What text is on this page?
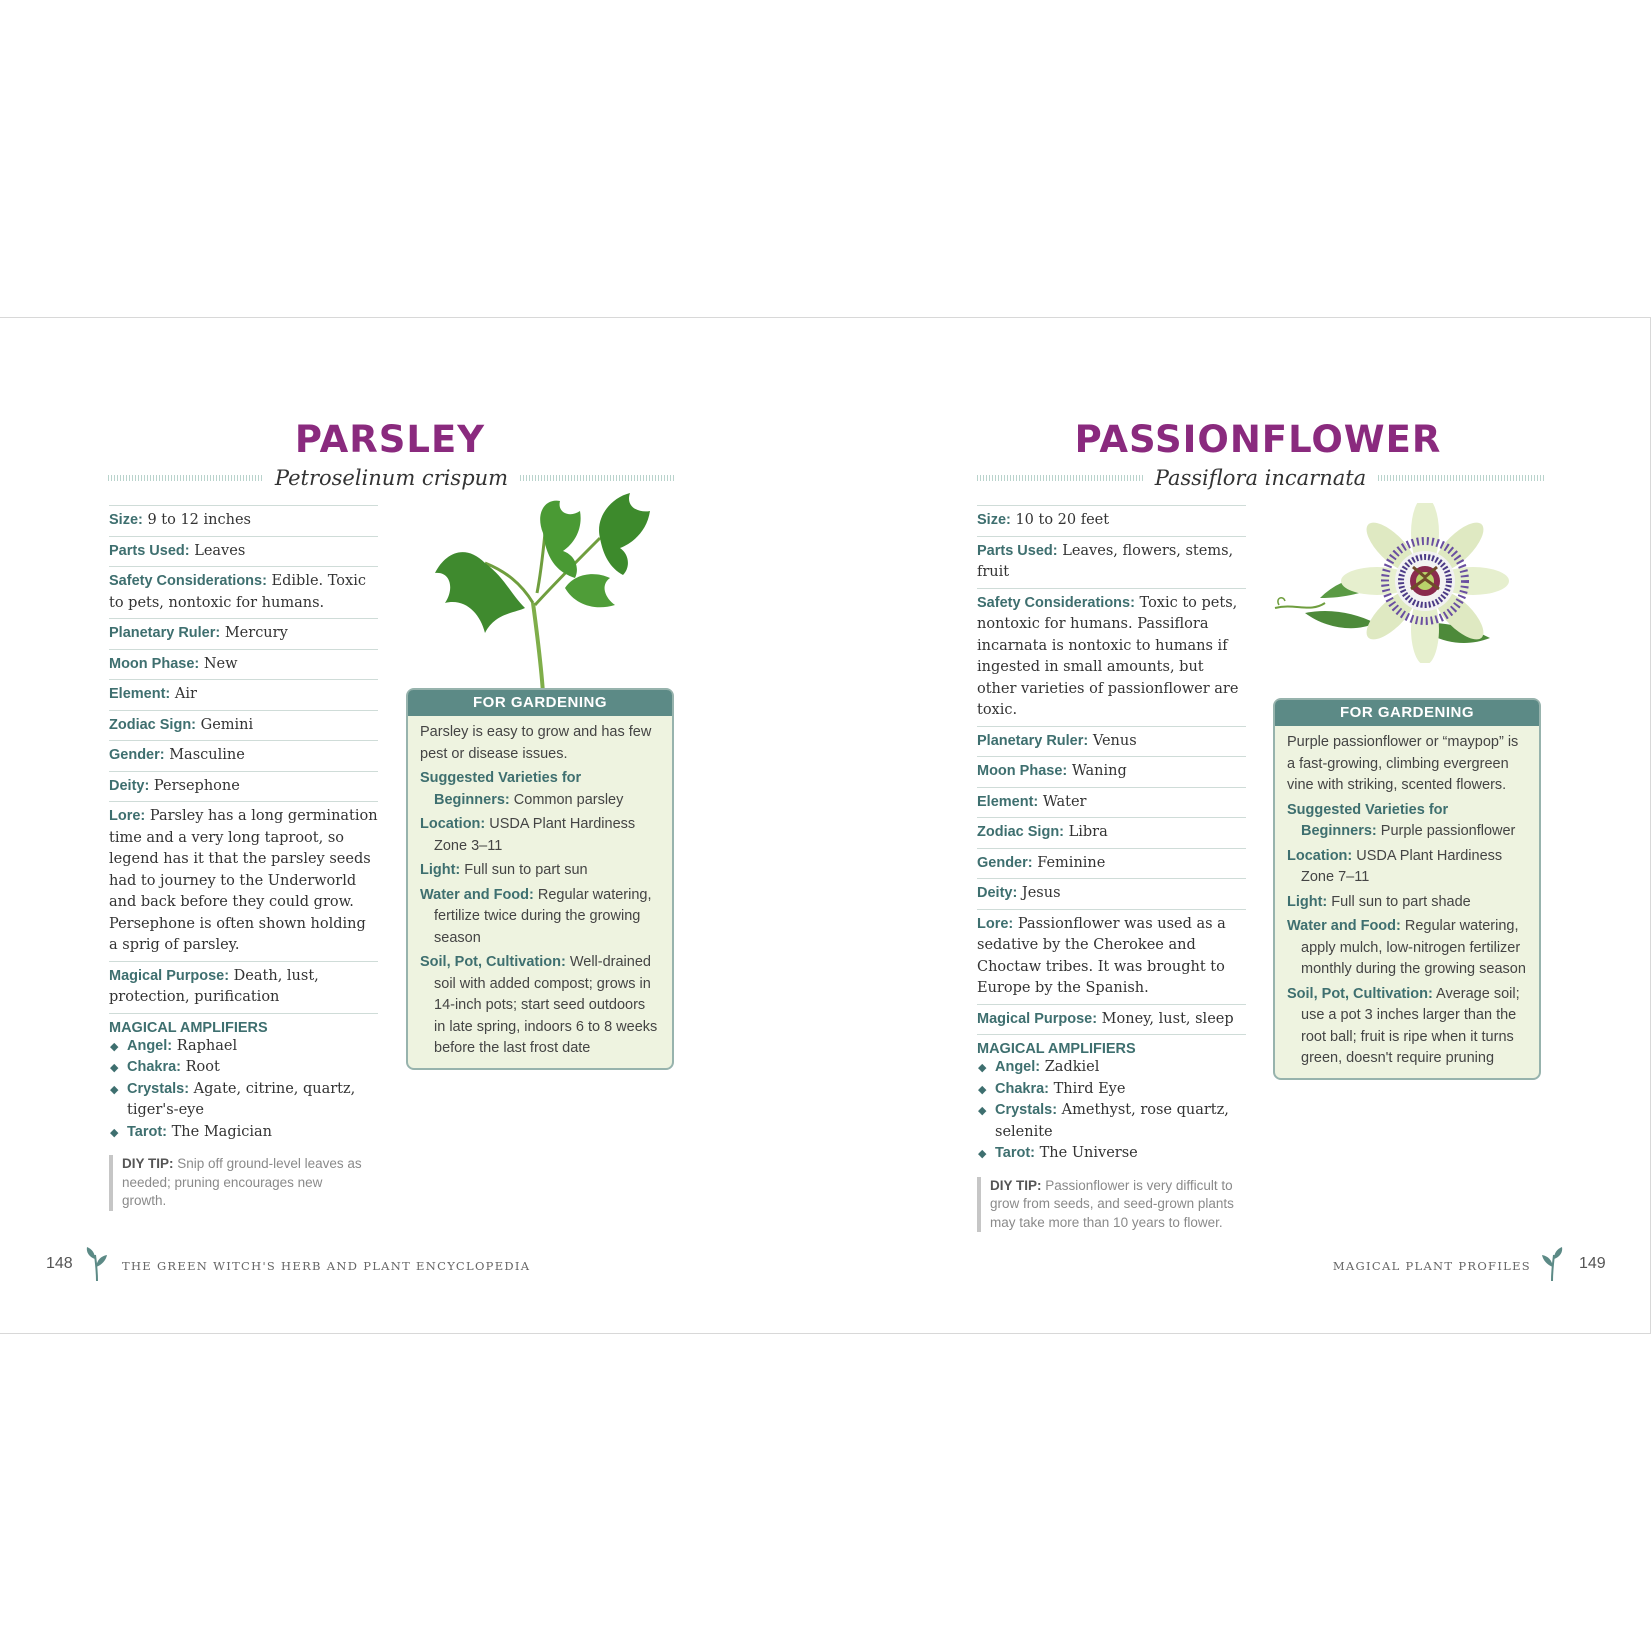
PARSLEY
Petroselinum crispum
Size: 9 to 12 inches
Parts Used: Leaves
Safety Considerations: Edible. Toxic to pets, nontoxic for humans.
Planetary Ruler: Mercury
Moon Phase: New
Element: Air
Zodiac Sign: Gemini
Gender: Masculine
Deity: Persephone
Lore: Parsley has a long germination time and a very long taproot, so legend has it that the parsley seeds had to journey to the Underworld and back before they could grow. Persephone is often shown holding a sprig of parsley.
Magical Purpose: Death, lust, protection, purification
MAGICAL AMPLIFIERS
◆ Angel: Raphael
◆ Chakra: Root
◆ Crystals: Agate, citrine, quartz, tiger's-eye
◆ Tarot: The Magician
DIY TIP: Snip off ground-level leaves as needed; pruning encourages new growth.
FOR GARDENING

Parsley is easy to grow and has few pest or disease issues.

Suggested Varieties for Beginners: Common parsley
Location: USDA Plant Hardiness Zone 3–11
Light: Full sun to part sun
Water and Food: Regular watering, fertilize twice during the growing season
Soil, Pot, Cultivation: Well-drained soil with added compost; grows in 14-inch pots; start seed outdoors in late spring, indoors 6 to 8 weeks before the last frost date
148	THE GREEN WITCH'S HERB AND PLANT ENCYCLOPEDIA
PASSIONFLOWER
Passiflora incarnata
Size: 10 to 20 feet
Parts Used: Leaves, flowers, stems, fruit
Safety Considerations: Toxic to pets, nontoxic for humans. Passiflora incarnata is nontoxic to humans if ingested in small amounts, but other varieties of passionflower are toxic.
Planetary Ruler: Venus
Moon Phase: Waning
Element: Water
Zodiac Sign: Libra
Gender: Feminine
Deity: Jesus
Lore: Passionflower was used as a sedative by the Cherokee and Choctaw tribes. It was brought to Europe by the Spanish.
Magical Purpose: Money, lust, sleep
MAGICAL AMPLIFIERS
◆ Angel: Zadkiel
◆ Chakra: Third Eye
◆ Crystals: Amethyst, rose quartz, selenite
◆ Tarot: The Universe
DIY TIP: Passionflower is very difficult to grow from seeds, and seed-grown plants may take more than 10 years to flower.
FOR GARDENING

Purple passionflower or “maypop” is a fast-growing, climbing evergreen vine with striking, scented flowers.

Suggested Varieties for Beginners: Purple passionflower
Location: USDA Plant Hardiness Zone 7–11
Light: Full sun to part shade
Water and Food: Regular watering, apply mulch, low-nitrogen fertilizer monthly during the growing season
Soil, Pot, Cultivation: Average soil; use a pot 3 inches larger than the root ball; fruit is ripe when it turns green, doesn't require pruning
MAGICAL PLANT PROFILES	149
